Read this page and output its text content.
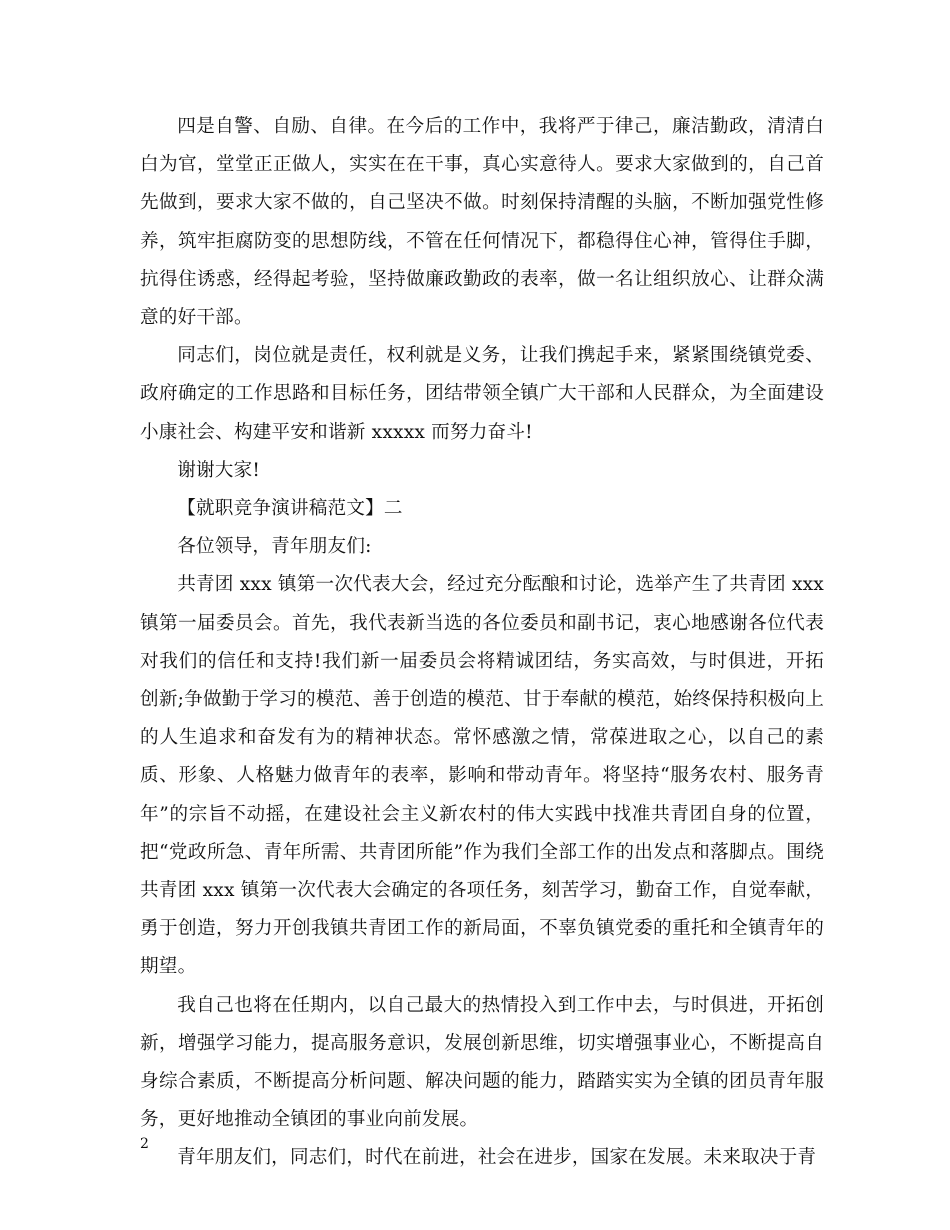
四是自警、自励、自律。在今后的工作中，我将严于律己，廉洁勤政，清清白白为官，堂堂正正做人，实实在在干事，真心实意待人。要求大家做到的，自己首先做到，要求大家不做的，自己坚决不做。时刻保持清醒的头脑，不断加强党性修养，筑牢拒腐防变的思想防线，不管在任何情况下，都稳得住心神，管得住手脚，抗得住诱惑，经得起考验，坚持做廉政勤政的表率，做一名让组织放心、让群众满意的好干部。

同志们，岗位就是责任，权利就是义务，让我们携起手来，紧紧围绕镇党委、政府确定的工作思路和目标任务，团结带领全镇广大干部和人民群众，为全面建设小康社会、构建平安和谐新 xxxxx 而努力奋斗!

谢谢大家!

【就职竞争演讲稿范文】二

各位领导，青年朋友们:

共青团 xxx 镇第一次代表大会，经过充分酝酿和讨论，选举产生了共青团 xxx 镇第一届委员会。首先，我代表新当选的各位委员和副书记，衷心地感谢各位代表对我们的信任和支持!我们新一届委员会将精诚团结，务实高效，与时俱进，开拓创新;争做勤于学习的模范、善于创造的模范、甘于奉献的模范，始终保持积极向上的人生追求和奋发有为的精神状态。常怀感激之情，常葆进取之心，以自己的素质、形象、人格魅力做青年的表率，影响和带动青年。将坚持“服务农村、服务青年”的宗旨不动摇，在建设社会主义新农村的伟大实践中找准共青团自身的位置，把“党政所急、青年所需、共青团所能”作为我们全部工作的出发点和落脚点。围绕共青团 xxx 镇第一次代表大会确定的各项任务，刻苦学习，勤奋工作，自觉奉献，勇于创造，努力开创我镇共青团工作的新局面，不辜负镇党委的重托和全镇青年的期望。

我自己也将在任期内，以自己最大的热情投入到工作中去，与时俱进，开拓创新，增强学习能力，提高服务意识，发展创新思维，切实增强事业心，不断提高自身综合素质，不断提高分析问题、解决问题的能力，踏踏实实为全镇的团员青年服务，更好地推动全镇团的事业向前发展。

青年朋友们，同志们，时代在前进，社会在进步，国家在发展。未来取决于青

2
